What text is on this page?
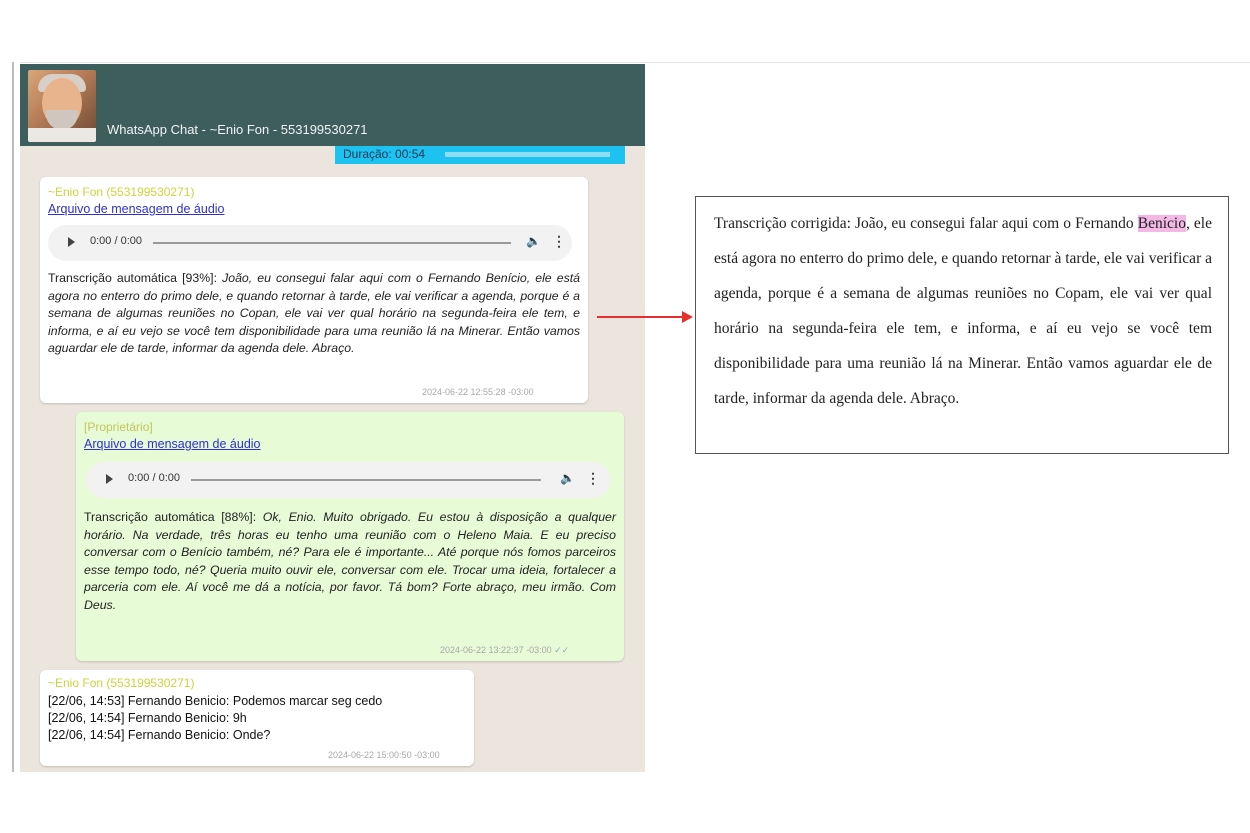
WhatsApp Chat - ~Enio Fon - 553199530271
Duração: 00:54
~Enio Fon (553199530271)
Arquivo de mensagem de áudio
0:00 / 0:00	🔈 ⋮
Transcrição automática [93%]: João, eu consegui falar aqui com o Fernando Benício, ele está agora no enterro do primo dele, e quando retornar à tarde, ele vai verificar a agenda, porque é a semana de algumas reuniões no Copan, ele vai ver qual horário na segunda-feira ele tem, e informa, e aí eu vejo se você tem disponibilidade para uma reunião lá na Minerar. Então vamos aguardar ele de tarde, informar da agenda dele. Abraço.
2024-06-22 12:55:28 -03:00
[Proprietário]
Arquivo de mensagem de áudio
0:00 / 0:00	🔈 ⋮
Transcrição automática [88%]: Ok, Enio. Muito obrigado. Eu estou à disposição a qualquer horário. Na verdade, três horas eu tenho uma reunião com o Heleno Maia. E eu preciso conversar com o Benício também, né? Para ele é importante... Até porque nós fomos parceiros esse tempo todo, né? Queria muito ouvir ele, conversar com ele. Trocar uma ideia, fortalecer a parceria com ele. Aí você me dá a notícia, por favor. Tá bom? Forte abraço, meu irmão. Com Deus.
2024-06-22 13:22:37 -03:00 ✓✓
~Enio Fon (553199530271)
[22/06, 14:53] Fernando Benicio: Podemos marcar seg cedo
[22/06, 14:54] Fernando Benicio: 9h
[22/06, 14:54] Fernando Benicio: Onde?
2024-06-22 15:00:50 -03:00

Transcrição corrigida: João, eu consegui falar aqui com o Fernando Benício, ele está agora no enterro do primo dele, e quando retornar à tarde, ele vai verificar a agenda, porque é a semana de algumas reuniões no Copam, ele vai ver qual horário na segunda-feira ele tem, e informa, e aí eu vejo se você tem disponibilidade para uma reunião lá na Minerar. Então vamos aguardar ele de tarde, informar da agenda dele. Abraço.
